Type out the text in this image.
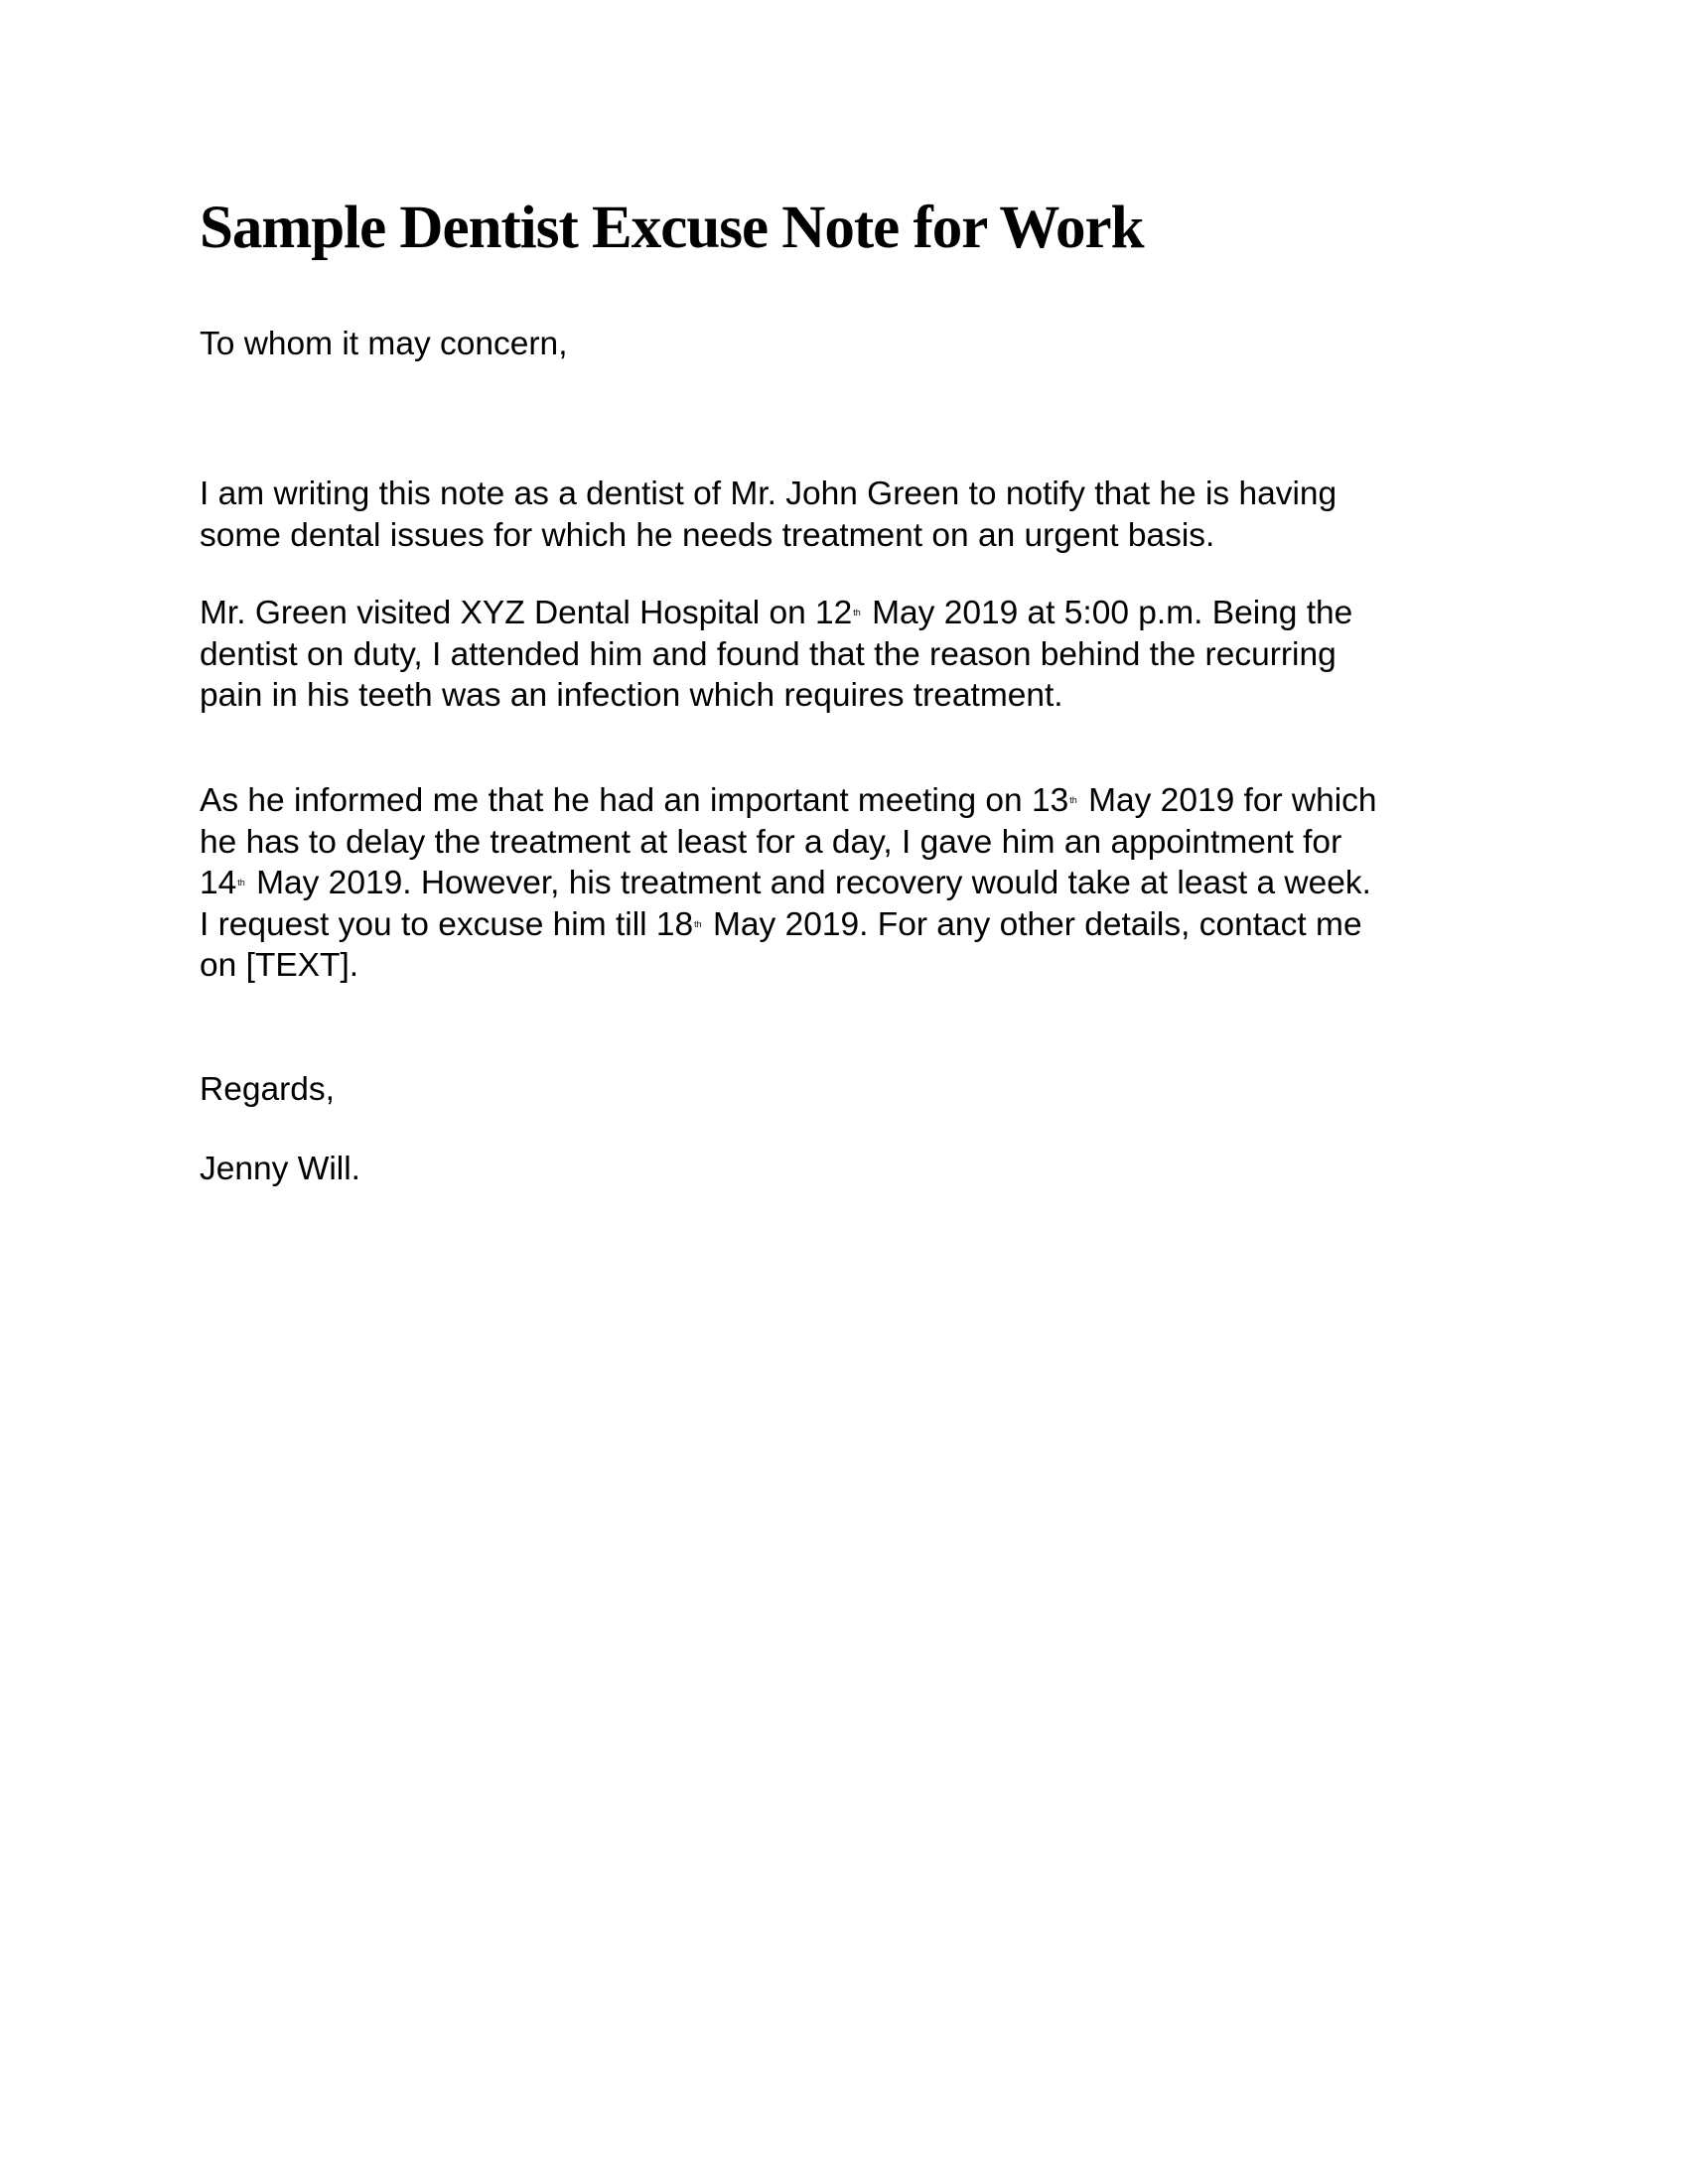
Sample Dentist Excuse Note for Work

To whom it may concern,

I am writing this note as a dentist of Mr. John Green to notify that he is having
some dental issues for which he needs treatment on an urgent basis.

Mr. Green visited XYZ Dental Hospital on 12th May 2019 at 5:00 p.m. Being the
dentist on duty, I attended him and found that the reason behind the recurring
pain in his teeth was an infection which requires treatment.

As he informed me that he had an important meeting on 13th May 2019 for which
he has to delay the treatment at least for a day, I gave him an appointment for
14th May 2019. However, his treatment and recovery would take at least a week.
I request you to excuse him till 18th May 2019. For any other details, contact me
on [TEXT].

Regards,

Jenny Will.
